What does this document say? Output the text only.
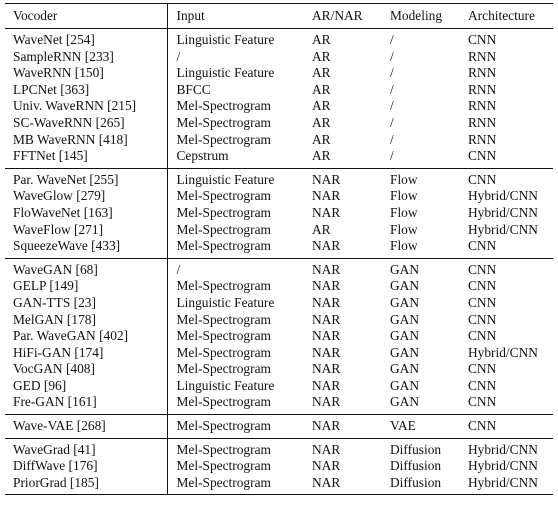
Vocoder	Input	AR/NAR	Modeling	Architecture
WaveNet [254]	Linguistic Feature	AR	/	CNN
SampleRNN [233]	/	AR	/	RNN
WaveRNN [150]	Linguistic Feature	AR	/	RNN
LPCNet [363]	BFCC	AR	/	RNN
Univ. WaveRNN [215]	Mel-Spectrogram	AR	/	RNN
SC-WaveRNN [265]	Mel-Spectrogram	AR	/	RNN
MB WaveRNN [418]	Mel-Spectrogram	AR	/	RNN
FFTNet [145]	Cepstrum	AR	/	CNN
Par. WaveNet [255]	Linguistic Feature	NAR	Flow	CNN
WaveGlow [279]	Mel-Spectrogram	NAR	Flow	Hybrid/CNN
FloWaveNet [163]	Mel-Spectrogram	NAR	Flow	Hybrid/CNN
WaveFlow [271]	Mel-Spectrogram	AR	Flow	Hybrid/CNN
SqueezeWave [433]	Mel-Spectrogram	NAR	Flow	CNN
WaveGAN [68]	/	NAR	GAN	CNN
GELP [149]	Mel-Spectrogram	NAR	GAN	CNN
GAN-TTS [23]	Linguistic Feature	NAR	GAN	CNN
MelGAN [178]	Mel-Spectrogram	NAR	GAN	CNN
Par. WaveGAN [402]	Mel-Spectrogram	NAR	GAN	CNN
HiFi-GAN [174]	Mel-Spectrogram	NAR	GAN	Hybrid/CNN
VocGAN [408]	Mel-Spectrogram	NAR	GAN	CNN
GED [96]	Linguistic Feature	NAR	GAN	CNN
Fre-GAN [161]	Mel-Spectrogram	NAR	GAN	CNN
Wave-VAE [268]	Mel-Spectrogram	NAR	VAE	CNN
WaveGrad [41]	Mel-Spectrogram	NAR	Diffusion	Hybrid/CNN
DiffWave [176]	Mel-Spectrogram	NAR	Diffusion	Hybrid/CNN
PriorGrad [185]	Mel-Spectrogram	NAR	Diffusion	Hybrid/CNN
